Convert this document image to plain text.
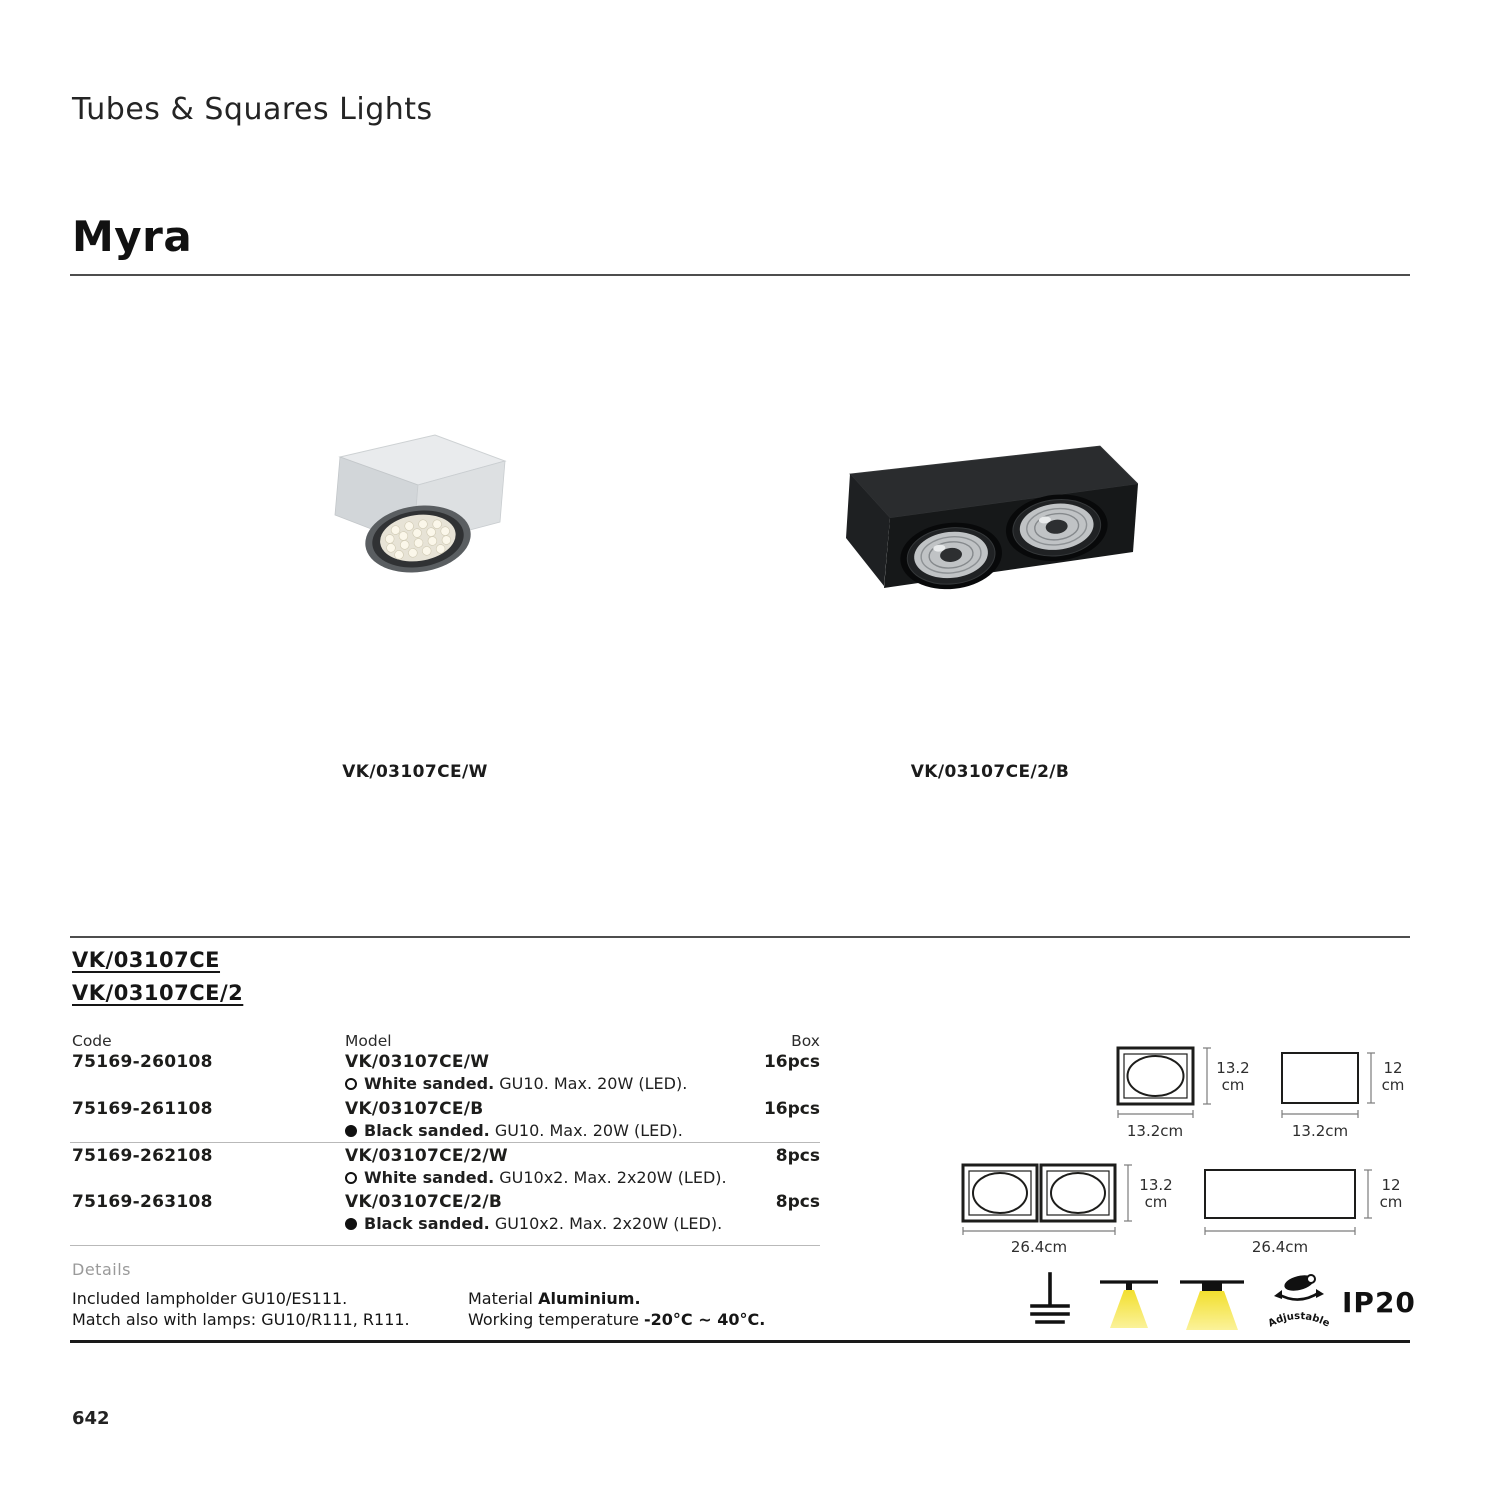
Tubes & Squares Lights
Myra
VK/03107CE/W	VK/03107CE/2/B
VK/03107CE
VK/03107CE/2
Code	Model	Box
75169-260108	VK/03107CE/W	16pcs
White sanded. GU10. Max. 20W (LED).
75169-261108	VK/03107CE/B	16pcs
Black sanded. GU10. Max. 20W (LED).
75169-262108	VK/03107CE/2/W	8pcs
White sanded. GU10x2. Max. 2x20W (LED).
75169-263108	VK/03107CE/2/B	8pcs
Black sanded. GU10x2. Max. 2x20W (LED).
Details
Included lampholder GU10/ES111.
Match also with lamps: GU10/R111, R111.
Material Aluminium.
Working temperature -20°C ~ 40°C.
13.2 cm
13.2cm
12 cm
13.2cm
13.2 cm
26.4cm
12 cm
26.4cm
Adjustable
IP20
642
